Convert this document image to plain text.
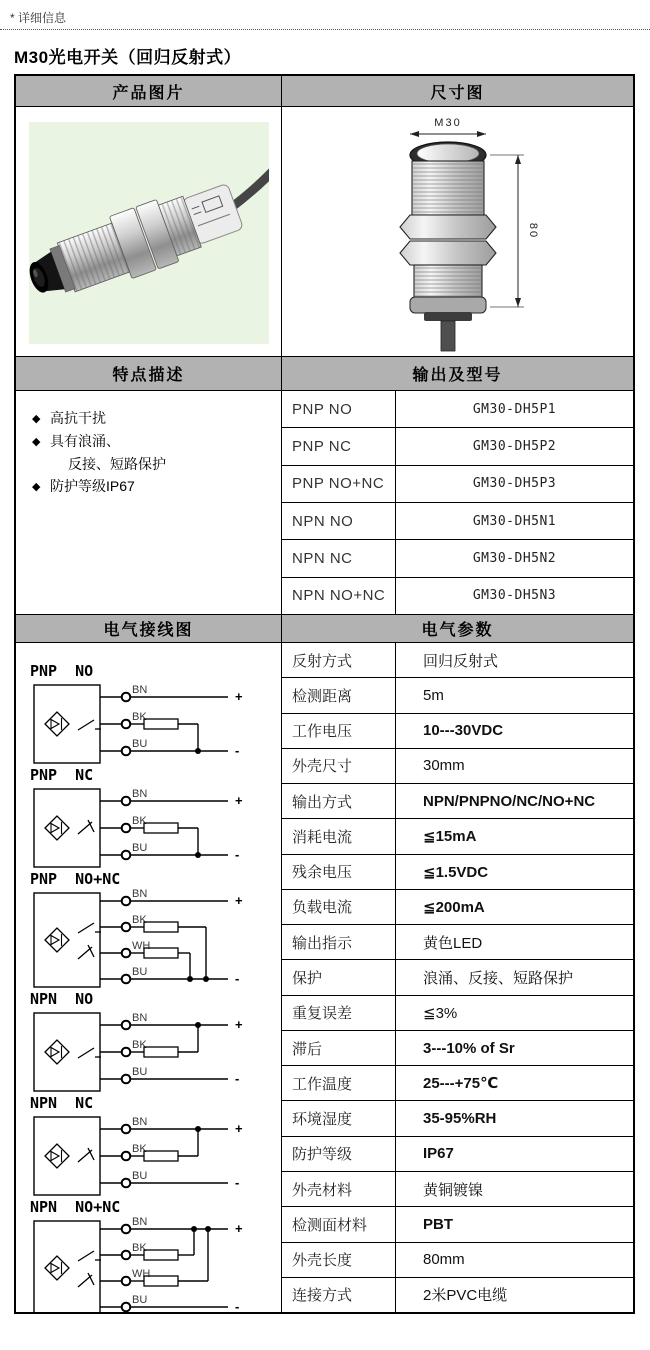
* 详细信息
M30光电开关（回归反射式）
产品图片	尺寸图
M30
80
特点描述	输出及型号
◆ 高抗干扰
◆ 具有浪涌、
反接、短路保护
◆ 防护等级IP67
PNP NO	GM30-DH5P1
PNP NC	GM30-DH5P2
PNP NO+NC	GM30-DH5P3
NPN NO	GM30-DH5N1
NPN NC	GM30-DH5N2
NPN NO+NC	GM30-DH5N3
电气接线图	电气参数
PNP  NO
BN
BK
BU
+
-
PNP  NC
BN
BK
BU
+
-
PNP  NO+NC
BN
BK
WH
BU
+
-
NPN  NO
BN
BK
BU
+
-
NPN  NC
BN
BK
BU
+
-
NPN  NO+NC
BN
BK
WH
BU
+
-
反射方式	回归反射式
检测距离	5m
工作电压	10---30VDC
外壳尺寸	30mm
输出方式	NPN/PNPNO/NC/NO+NC
消耗电流	≦15mA
残余电压	≦1.5VDC
负载电流	≦200mA
输出指示	黄色LED
保护	浪涌、反接、短路保护
重复误差	≦3%
滞后	3---10% of Sr
工作温度	25---+75℃
环境湿度	35-95%RH
防护等级	IP67
外壳材料	黄铜镀镍
检测面材料	PBT
外壳长度	80mm
连接方式	2米PVC电缆
